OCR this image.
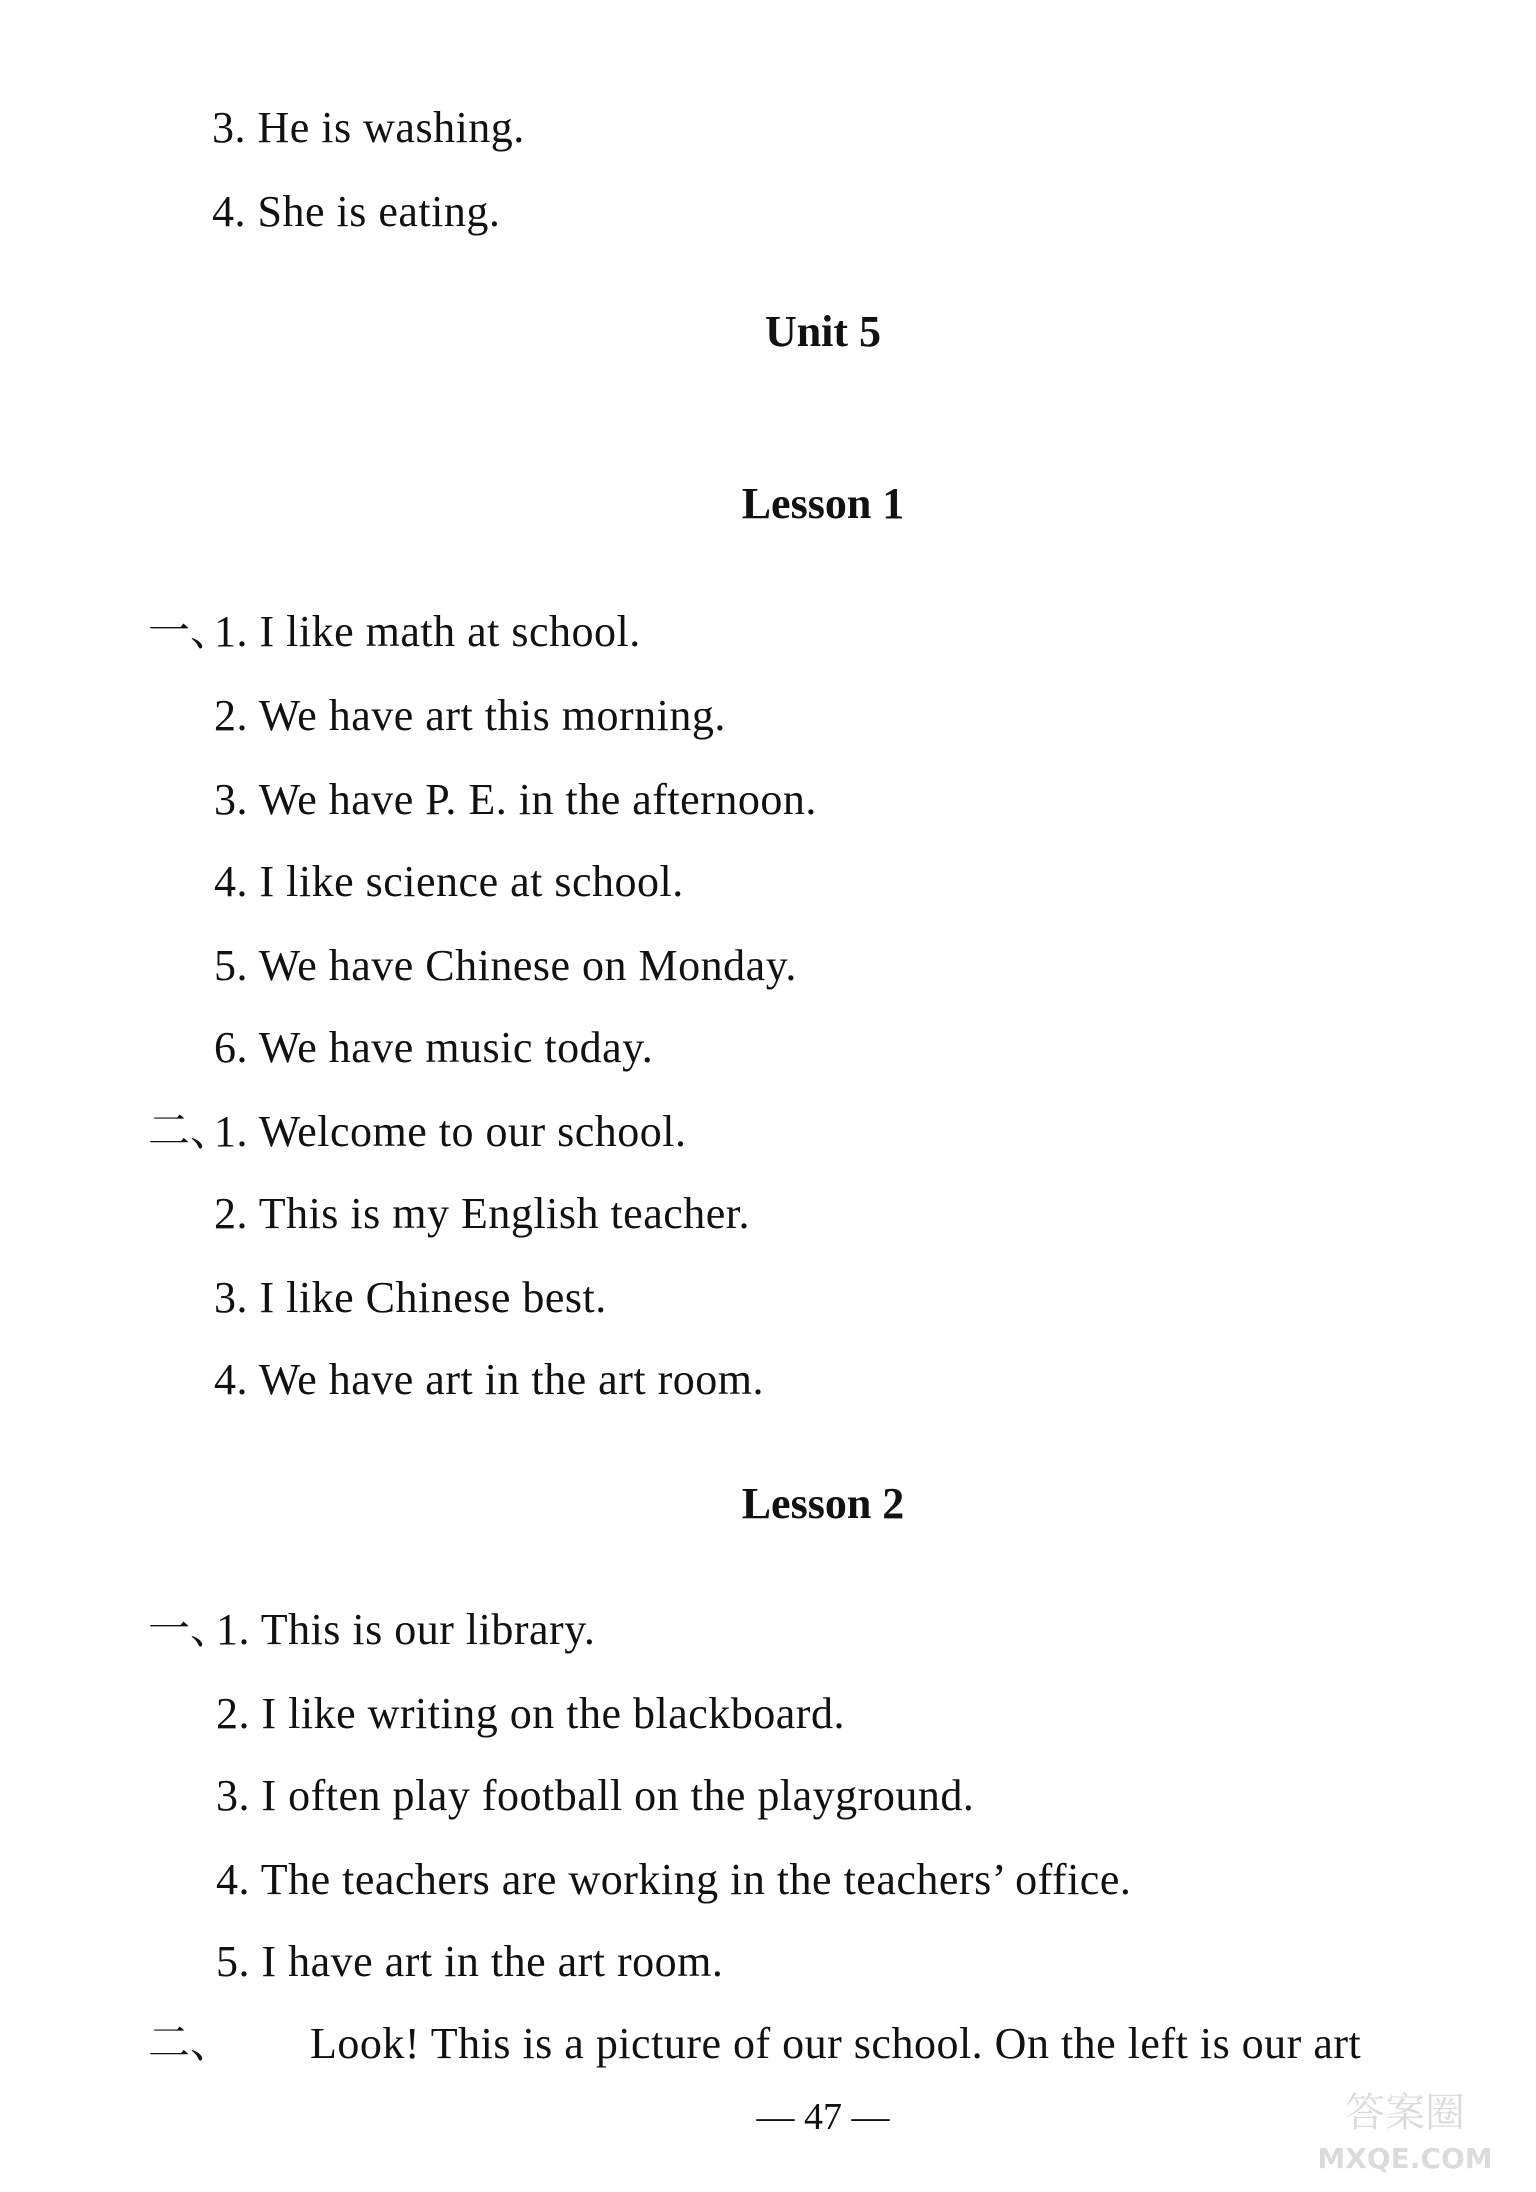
3. He is washing.
4. She is eating.
Unit 5
Lesson 1
一、
1. I like math at school.
2. We have art this morning.
3. We have P. E. in the afternoon.
4. I like science at school.
5. We have Chinese on Monday.
6. We have music today.
二、
1. Welcome to our school.
2. This is my English teacher.
3. I like Chinese best.
4. We have art in the art room.
Lesson 2
一、
1. This is our library.
2. I like writing on the blackboard.
3. I often play football on the playground.
4. The teachers are working in the teachers’ office.
5. I have art in the art room.
二、 Look! This is a picture of our school. On the left is our art
— 47 —	答案圈
MXQE.COM
